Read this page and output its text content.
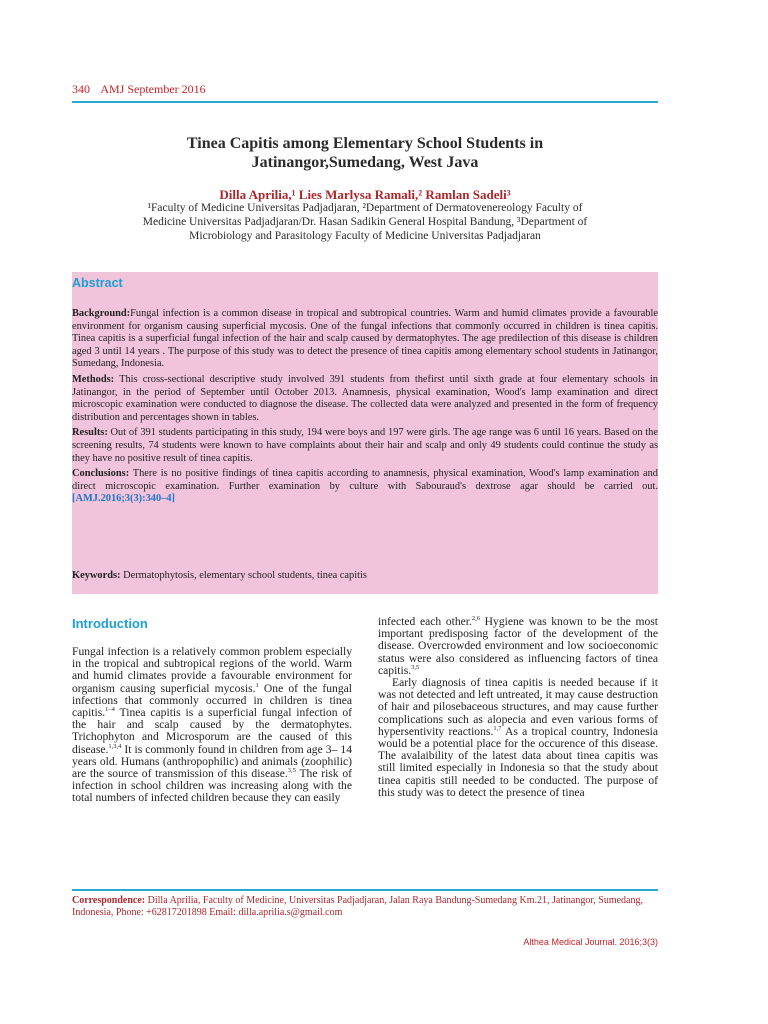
340 AMJ September 2016
Tinea Capitis among Elementary School Students in
Jatinangor,Sumedang, West Java
Dilla Aprilia,¹ Lies Marlysa Ramali,² Ramlan Sadeli³
¹Faculty of Medicine Universitas Padjadjaran, ²Department of Dermatovenereology Faculty of
Medicine Universitas Padjadjaran/Dr. Hasan Sadikin General Hospital Bandung, ³Department of
Microbiology and Parasitology Faculty of Medicine Universitas Padjadjaran
Abstract

Background:Fungal infection is a common disease in tropical and subtropical countries. Warm and humid climates provide a favourable environment for organism causing superficial mycosis. One of the fungal infections that commonly occurred in children is tinea capitis. Tinea capitis is a superficial fungal infection of the hair and scalp caused by dermatophytes. The age predilection of this disease is children aged 3 until 14 years . The purpose of this study was to detect the presence of tinea capitis among elementary school students in Jatinangor, Sumedang, Indonesia.

Methods: This cross-sectional descriptive study involved 391 students from thefirst until sixth grade at four elementary schools in Jatinangor, in the period of September until October 2013. Anamnesis, physical examination, Wood's lamp examination and direct microscopic examination were conducted to diagnose the disease. The collected data were analyzed and presented in the form of frequency distribution and percentages shown in tables.

Results: Out of 391 students participating in this study, 194 were boys and 197 were girls. The age range was 6 until 16 years. Based on the screening results, 74 students were known to have complaints about their hair and scalp and only 49 students could continue the study as they have no positive result of tinea capitis.

Conclusions: There is no positive findings of tinea capitis according to anamnesis, physical examination, Wood's lamp examination and direct microscopic examination. Further examination by culture with Sabouraud's dextrose agar should be carried out. [AMJ.2016;3(3):340–4]

Keywords: Dermatophytosis, elementary school students, tinea capitis
Introduction

Fungal infection is a relatively common problem especially in the tropical and subtropical regions of the world. Warm and humid climates provide a favourable environment for organism causing superficial mycosis.$^1$ One of the fungal infections that commonly occurred in children is tinea capitis.$^{1-4}$ Tinea capitis is a superficial fungal infection of the hair and scalp caused by the dermatophytes. Trichophyton and Microsporum are the caused of this disease.$^{1,3,4}$ It is commonly found in children from age 3– 14 years old. Humans (anthropophilic) and animals (zoophilic) are the source of transmission of this disease.$^{3,5}$ The risk of infection in school children was increasing along with the total numbers of infected children because they can easily

infected each other.$^{2,6}$ Hygiene was known to be the most important predisposing factor of the development of the disease. Overcrowded environment and low socioeconomic status were also considered as influencing factors of tinea capitis.$^{3,5}$

Early diagnosis of tinea capitis is needed because if it was not detected and left untreated, it may cause destruction of hair and pilosebaceous structures, and may cause further complications such as alopecia and even various forms of hypersentivity reactions.$^{1,7}$ As a tropical country, Indonesia would be a potential place for the occurence of this disease. The avalaibility of the latest data about tinea capitis was still limited especially in Indonesia so that the study about tinea capitis still needed to be conducted. The purpose of this study was to detect the presence of tinea

Correspondence: Dilla Aprilia, Faculty of Medicine, Universitas Padjadjaran, Jalan Raya Bandung-Sumedang Km.21, Jatinangor, Sumedang, Indonesia, Phone: +62817201898 Email: dilla.aprilia.s@gmail.com
Althea Medical Journal. 2016;3(3)
